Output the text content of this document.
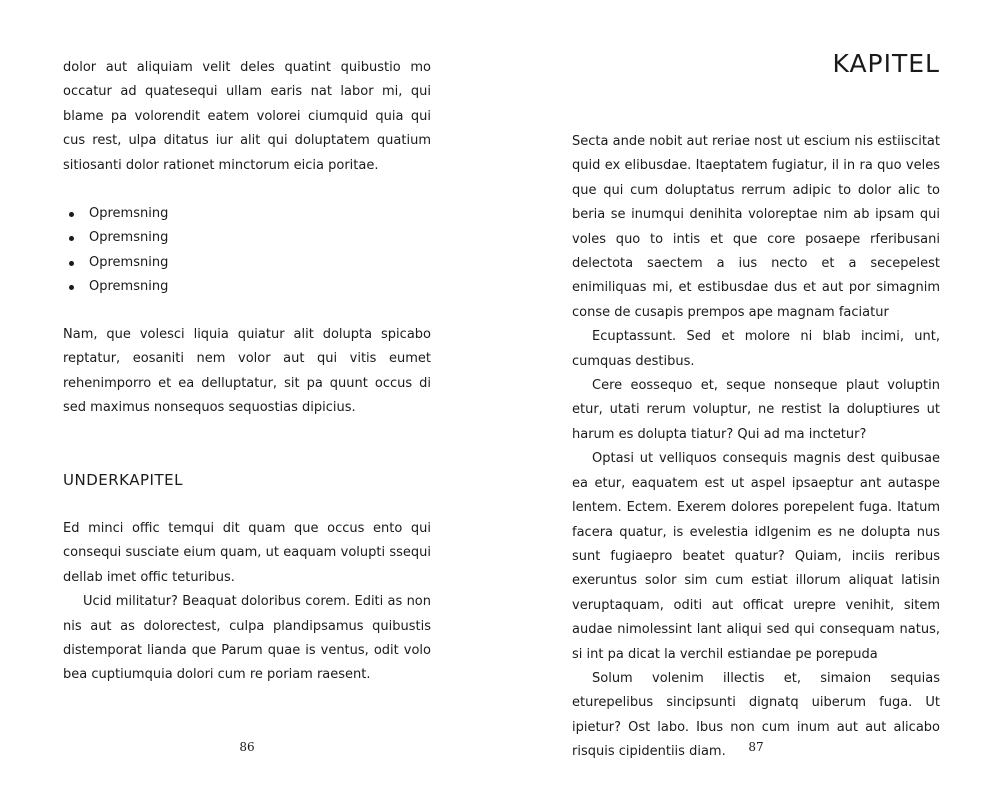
dolor aut aliquiam velit deles quatint quibustio mo occatur ad quatesequi ullam earis nat labor mi, qui blame pa volorendit eatem volorei ciumquid quia qui cus rest, ulpa ditatus iur alit qui doluptatem quatium sitiosanti dolor rationet minctorum eicia poritae.

Opremsning
Opremsning
Opremsning
Opremsning

Nam, que volesci liquia quiatur alit dolupta spicabo reptatur, eosaniti nem volor aut qui vitis eumet rehenimporro et ea delluptatur, sit pa quunt occus di sed maximus nonsequos sequostias dipicius.

UNDERKAPITEL

Ed minci offic temqui dit quam que occus ento qui consequi susciate eium quam, ut eaquam volupti ssequi dellab imet offic teturibus.

Ucid militatur? Beaquat doloribus corem. Editi as non nis aut as dolorectest, culpa plandipsamus quibustis distemporat lianda que Parum quae is ventus, odit volo bea cuptiumquia dolori cum re poriam raesent.

86
KAPITEL

Secta ande nobit aut reriae nost ut escium nis estiiscitat quid ex elibusdae. Itaeptatem fugiatur, il in ra quo veles que qui cum doluptatus rerrum adipic to dolor alic to beria se inumqui denihita voloreptae nim ab ipsam qui voles quo to intis et que core posaepe rferibusani delectota saectem a ius necto et a secepelest enimiliquas mi, et estibusdae dus et aut por simagnim conse de cusapis prempos ape magnam faciatur

Ecuptassunt. Sed et molore ni blab incimi, unt, cumquas destibus.

Cere eossequo et, seque nonseque plaut voluptin etur, utati rerum voluptur, ne restist la doluptiures ut harum es dolupta tiatur? Qui ad ma inctetur?

Optasi ut velliquos consequis magnis dest quibusae ea etur, eaquatem est ut aspel ipsaeptur ant autaspe lentem. Ectem. Exerem dolores porepelent fuga. Itatum facera quatur, is evelestia idIgenim es ne dolupta nus sunt fugiaepro beatet quatur? Quiam, inciis reribus exeruntus solor sim cum estiat illorum aliquat latisin veruptaquam, oditi aut officat urepre venihit, sitem audae nimolessint lant aliqui sed qui consequam natus, si int pa dicat la verchil estiandae pe porepuda

Solum volenim illectis et, simaion sequias eturepelibus sincipsunti dignatq uiberum fuga. Ut ipietur? Ost labo. Ibus non cum inum aut aut alicabo risquis cipidentiis diam.	87
